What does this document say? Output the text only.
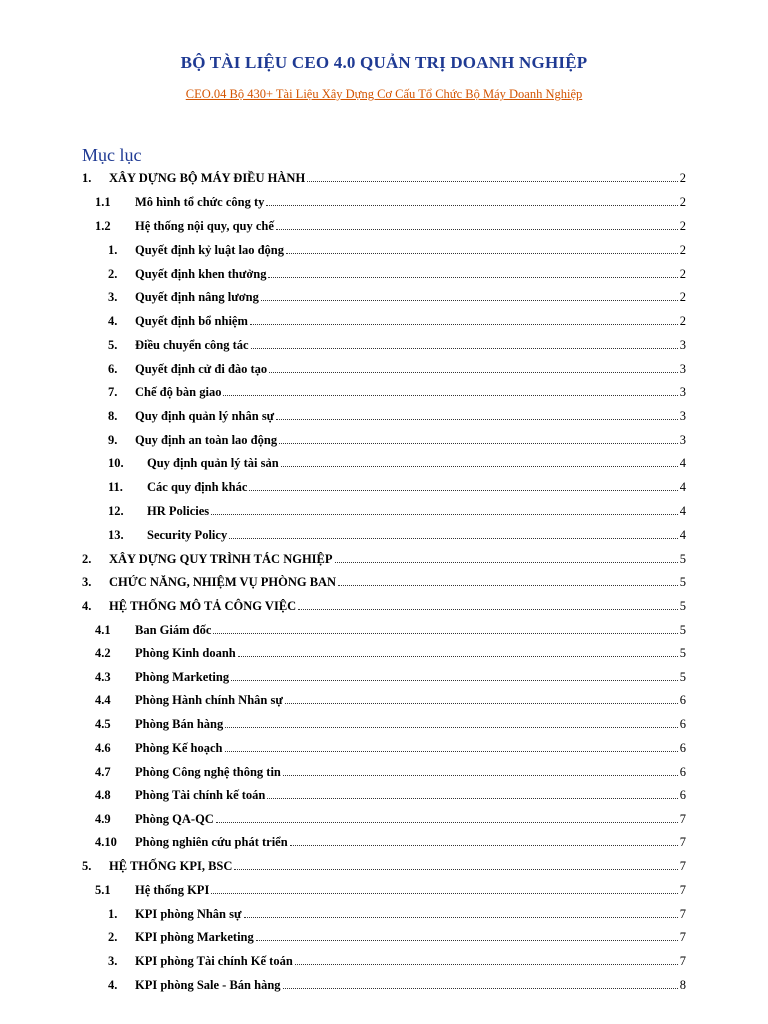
BỘ TÀI LIỆU CEO 4.0 QUẢN TRỊ DOANH NGHIỆP
CEO.04 Bộ 430+ Tài Liệu Xây Dựng Cơ Cấu Tổ Chức Bộ Máy Doanh Nghiệp
Mục lục
1.	XÂY DỰNG BỘ MÁY ĐIỀU HÀNH	2
1.1	Mô hình tổ chức công ty	2
1.2	Hệ thống nội quy, quy chế	2
1.	Quyết định kỷ luật lao động	2
2.	Quyết định khen thưởng	2
3.	Quyết định nâng lương	2
4.	Quyết định bổ nhiệm	2
5.	Điều chuyển công tác	3
6.	Quyết định cử đi đào tạo	3
7.	Chế độ bàn giao	3
8.	Quy định quản lý nhân sự	3
9.	Quy định an toàn lao động	3
10.	Quy định quản lý tài sản	4
11.	Các quy định khác	4
12.	HR Policies	4
13.	Security Policy	4
2.	XÂY DỰNG QUY TRÌNH TÁC NGHIỆP	5
3.	CHỨC NĂNG, NHIỆM VỤ PHÒNG BAN	5
4.	HỆ THỐNG MÔ TẢ CÔNG VIỆC	5
4.1	Ban Giám đốc	5
4.2	Phòng Kinh doanh	5
4.3	Phòng Marketing	5
4.4	Phòng Hành chính Nhân sự	6
4.5	Phòng Bán hàng	6
4.6	Phòng Kế hoạch	6
4.7	Phòng Công nghệ thông tin	6
4.8	Phòng Tài chính kế toán	6
4.9	Phòng QA-QC	7
4.10	Phòng nghiên cứu phát triển	7
5.	HỆ THỐNG KPI, BSC	7
5.1	Hệ thống KPI	7
1.	KPI phòng Nhân sự	7
2.	KPI phòng Marketing	7
3.	KPI phòng Tài chính Kế toán	7
4.	KPI phòng Sale - Bán hàng	8
